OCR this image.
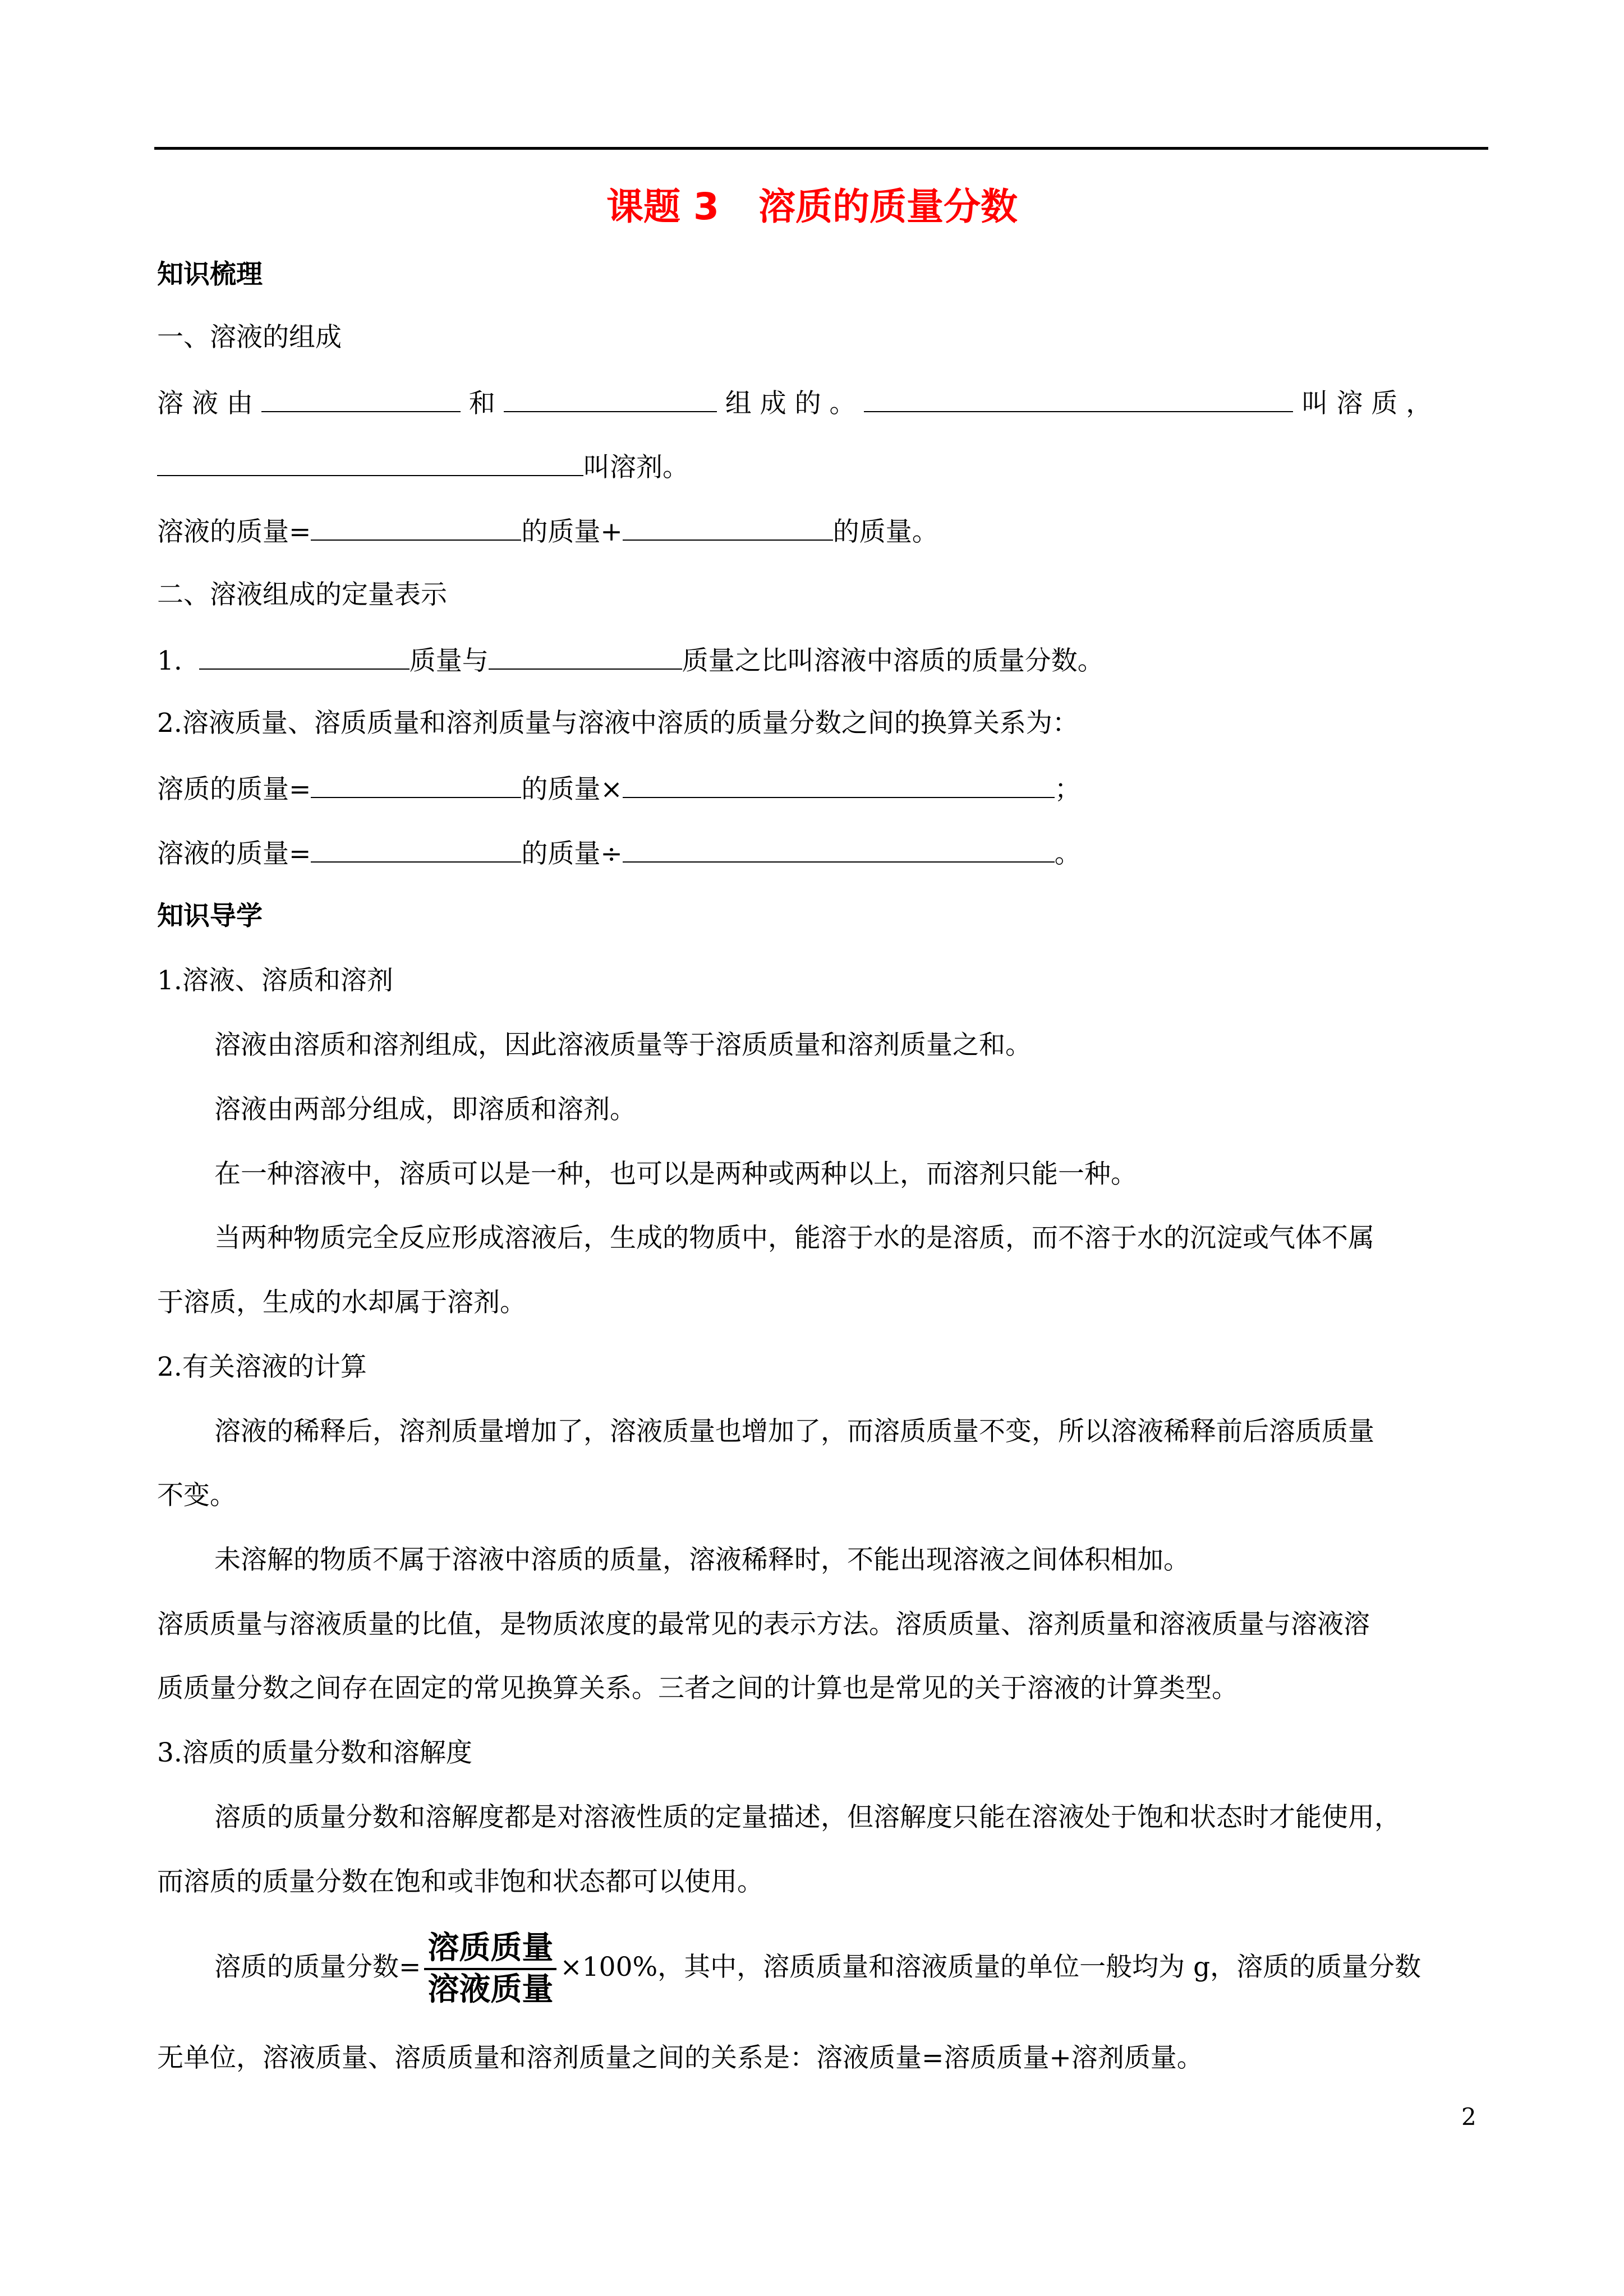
课题 3 溶质的质量分数
知识梳理
一、溶液的组成
溶 液 由	和	组 成 的 。	叫 溶 质 ，
叫溶剂。
溶液的质量=	的质量+	的质量。
二、溶液组成的定量表示
1.	质量与	质量之比叫溶液中溶质的质量分数。
2.溶液质量、溶质质量和溶剂质量与溶液中溶质的质量分数之间的换算关系为：
溶质的质量=	的质量×	；
溶液的质量=	的质量÷	。
知识导学
1.溶液、溶质和溶剂
溶液由溶质和溶剂组成，因此溶液质量等于溶质质量和溶剂质量之和。
溶液由两部分组成，即溶质和溶剂。
在一种溶液中，溶质可以是一种，也可以是两种或两种以上，而溶剂只能一种。
当两种物质完全反应形成溶液后，生成的物质中，能溶于水的是溶质，而不溶于水的沉淀或气体不属
于溶质，生成的水却属于溶剂。
2.有关溶液的计算
溶液的稀释后，溶剂质量增加了，溶液质量也增加了，而溶质质量不变，所以溶液稀释前后溶质质量
不变。
未溶解的物质不属于溶液中溶质的质量，溶液稀释时，不能出现溶液之间体积相加。
溶质质量与溶液质量的比值，是物质浓度的最常见的表示方法。溶质质量、溶剂质量和溶液质量与溶液溶
质质量分数之间存在固定的常见换算关系。三者之间的计算也是常见的关于溶液的计算类型。
3.溶质的质量分数和溶解度
溶质的质量分数和溶解度都是对溶液性质的定量描述，但溶解度只能在溶液处于饱和状态时才能使用，
而溶质的质量分数在饱和或非饱和状态都可以使用。
溶质的质量分数= $\frac{\text{溶质质量}}{\text{溶液质量}} \times 100\%$，其中，溶质质量和溶液质量的单位一般均为 g，溶质的质量分数
无单位，溶液质量、溶质质量和溶剂质量之间的关系是：溶液质量=溶质质量+溶剂质量。
2
